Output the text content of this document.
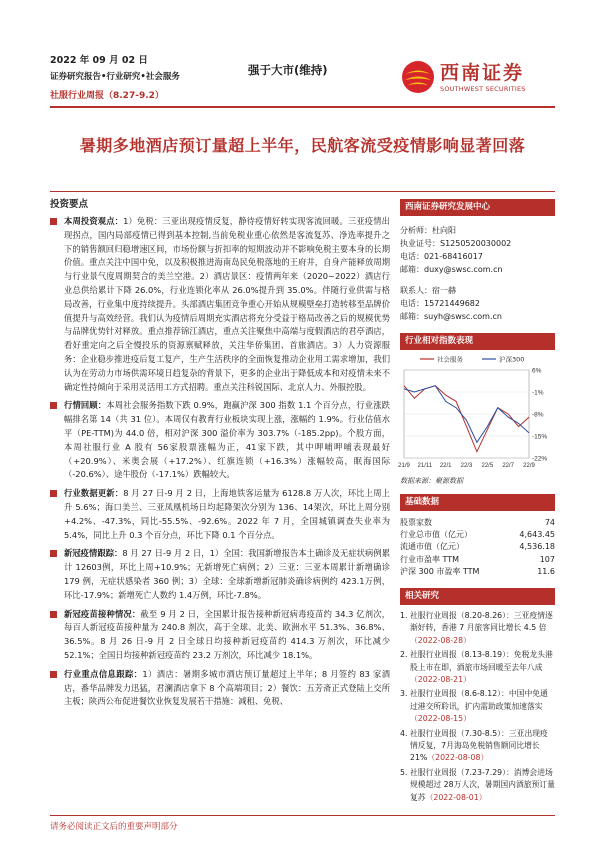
2022 年 09 月 02 日
证券研究报告•行业研究•社会服务
社服行业周报（8.27-9.2）
强于大市(维持)	西南证券
SOUTHWEST SECURITIES
暑期多地酒店预订量超上半年，民航客流受疫情影响显著回落
投资要点
本周投资观点：1）免税：三亚出现疫情反复，静待疫情好转实现客流回暖。三亚疫情出现拐点，国内局部疫情已得到基本控制,当前免税业重心依然是客流复苏、净选率提升之下的销售额回归稳增速区间，市场份额与折扣率的短期波动并不影响免税主要本身的长期价值。重点关注中国中免，以及积极推进海南岛民免税落地的王府井，自身产能释放周期与行业景气度周期契合的美兰空港。2）酒店景区：疫情两年来（2020~2022）酒店行业总供给累计下降 26.0%，行业连锁化率从 26.0%提升到 35.0%。伴随行业供需与格局改善，行业集中度持续提升。头部酒店集团竞争重心开始从规模壁垒打造转移至品牌价值提升与高效经营。我们认为疫情后周期充实酒店将充分受益于格局改善之后的规模优势与品牌优势针对释放。重点推荐锦江酒店，重点关注聚焦中高端与度假酒店的君亭酒店，看好重定向之后全慢投乐的资源禀赋释放，关注华侨集团、首旅酒店。3）人力资源服务：企业稳步推进疫后复工复产，生产生活秩序的全面恢复推动企业用工需求增加，我们认为在劳动力市场供需环境日趋复杂的背景下，更多的企业出于降低成本和对疫情未来不确定性持倾向于采用灵活用工方式招聘。重点关注科锐国际、北京人力、外服控股。
行情回顾：本周社会服务指数下跌 0.9%，跑赢沪深 300 指数 1.1 个百分点，行业涨跌幅排名第 14（共 31 位）。本周仅有教育行业板块实现上涨，涨幅约 1.9%。行业估值水平（PE-TTM)为 44.0 倍，相对沪深 300 溢价率为 303.7%（-185.2pp)。个股方面，本周社服行业 A 股有 56家股票涨幅为正，41家下跌，其中呷哺呷哺表现最好（+20.9%）、米奥会展（+17.2%）、红旗连锁（+16.3%）涨幅较高，眠海国际（-20.6%）、途牛股份（-17.1%）跌幅较大。
行业数据更新：8 月 27 日-9 月 2 日，上海地铁客运量为 6128.8 万人次，环比上周上升 5.6%；海口美兰、三亚凤凰机场日均起降架次分别为 136、14架次，环比上周分别+4.2%、-47.3%，同比-55.5%、-92.6%。2022 年 7 月，全国城镇调查失业率为 5.4%，同比上升 0.3 个百分点，环比下降 0.1 个百分点。
新冠疫情跟踪：8 月 27 日-9 月 2 日，1）全国：我国新增报告本土确诊及无症状病例累计 12603例，环比上周+10.9%；无新增死亡病例；2）三亚：三亚本周累计新增确诊 179 例，无症状感染者 360 例；3）全球：全球新增新冠肺炎确诊病例约 423.1万例，环比-17.9%；新增死亡人数约 1.4万例，环比-7.8%。
新冠疫苗接种情况：截至 9 月 2 日，全国累计报告接种新冠病毒疫苗约 34.3 亿剂次，每百人新冠疫苗接种量为 240.8 剂次，高于全球、北美、欧洲水平 51.3%、36.8%、36.5%。8 月 26 日-9 月 2 日全球日均接种新冠疫苗约 414.3 万剂次，环比减少 52.1%；全国日均接种新冠疫苗约 23.2 万剂次，环比减少 18.1%。
行业重点信息跟踪：1）酒店：暑期多城市酒店预订量超过上半年；8 月签约 83 家酒店，番华品牌发力迅猛，君澜酒店拿下 8 个高端项目；2）餐饮：五芳斋正式登陆上交所主板；陕西公布促进餐饮业恢复发展若干措施：减租、免税、
西南证券研究发展中心
分析师：杜向阳
执业证号：S1250520030002
电话：021-68416017
邮箱：duxy@swsc.com.cn
联系人：宿一赫
电话：15721449682
邮箱：suyh@swsc.com.cn
行业相对指数表现
6%
-1%
-8%
-15%
-22%
21/9 21/11 22/1 22/3 22/5 22/7 22/9
社会服务	沪深300
数据来源：聚源数据
基础数据
股票家数	74
行业总市值（亿元）	4,643.45
流通市值（亿元）	4,536.18
行业市盈率 TTM	107
沪深 300 市盈率 TTM	11.6
相关研究
1. 社服行业周报（8.20-8.26）：三亚疫情逐渐好转，香港 7 月旅客同比增长 4.5 倍（2022-08-28）
2. 社服行业周报（8.13-8.19）：免税龙头港股上市在即，酒旅市场回暖至去年八成（2022-08-21）
3. 社服行业周报（8.6-8.12）：中国中免通过港交所聆讯，扩内需助政策加速落实（2022-08-15）
4. 社服行业周报（7.30-8.5）：三亚出现疫情反复，7月海岛免税销售额同比增长 21%（2022-08-08）
5. 社服行业周报（7.23-7.29）：消博会进场规模超过 28万人次，暑期国内酒旅预订量复苏（2022-08-01）
请务必阅读正文后的重要声明部分
